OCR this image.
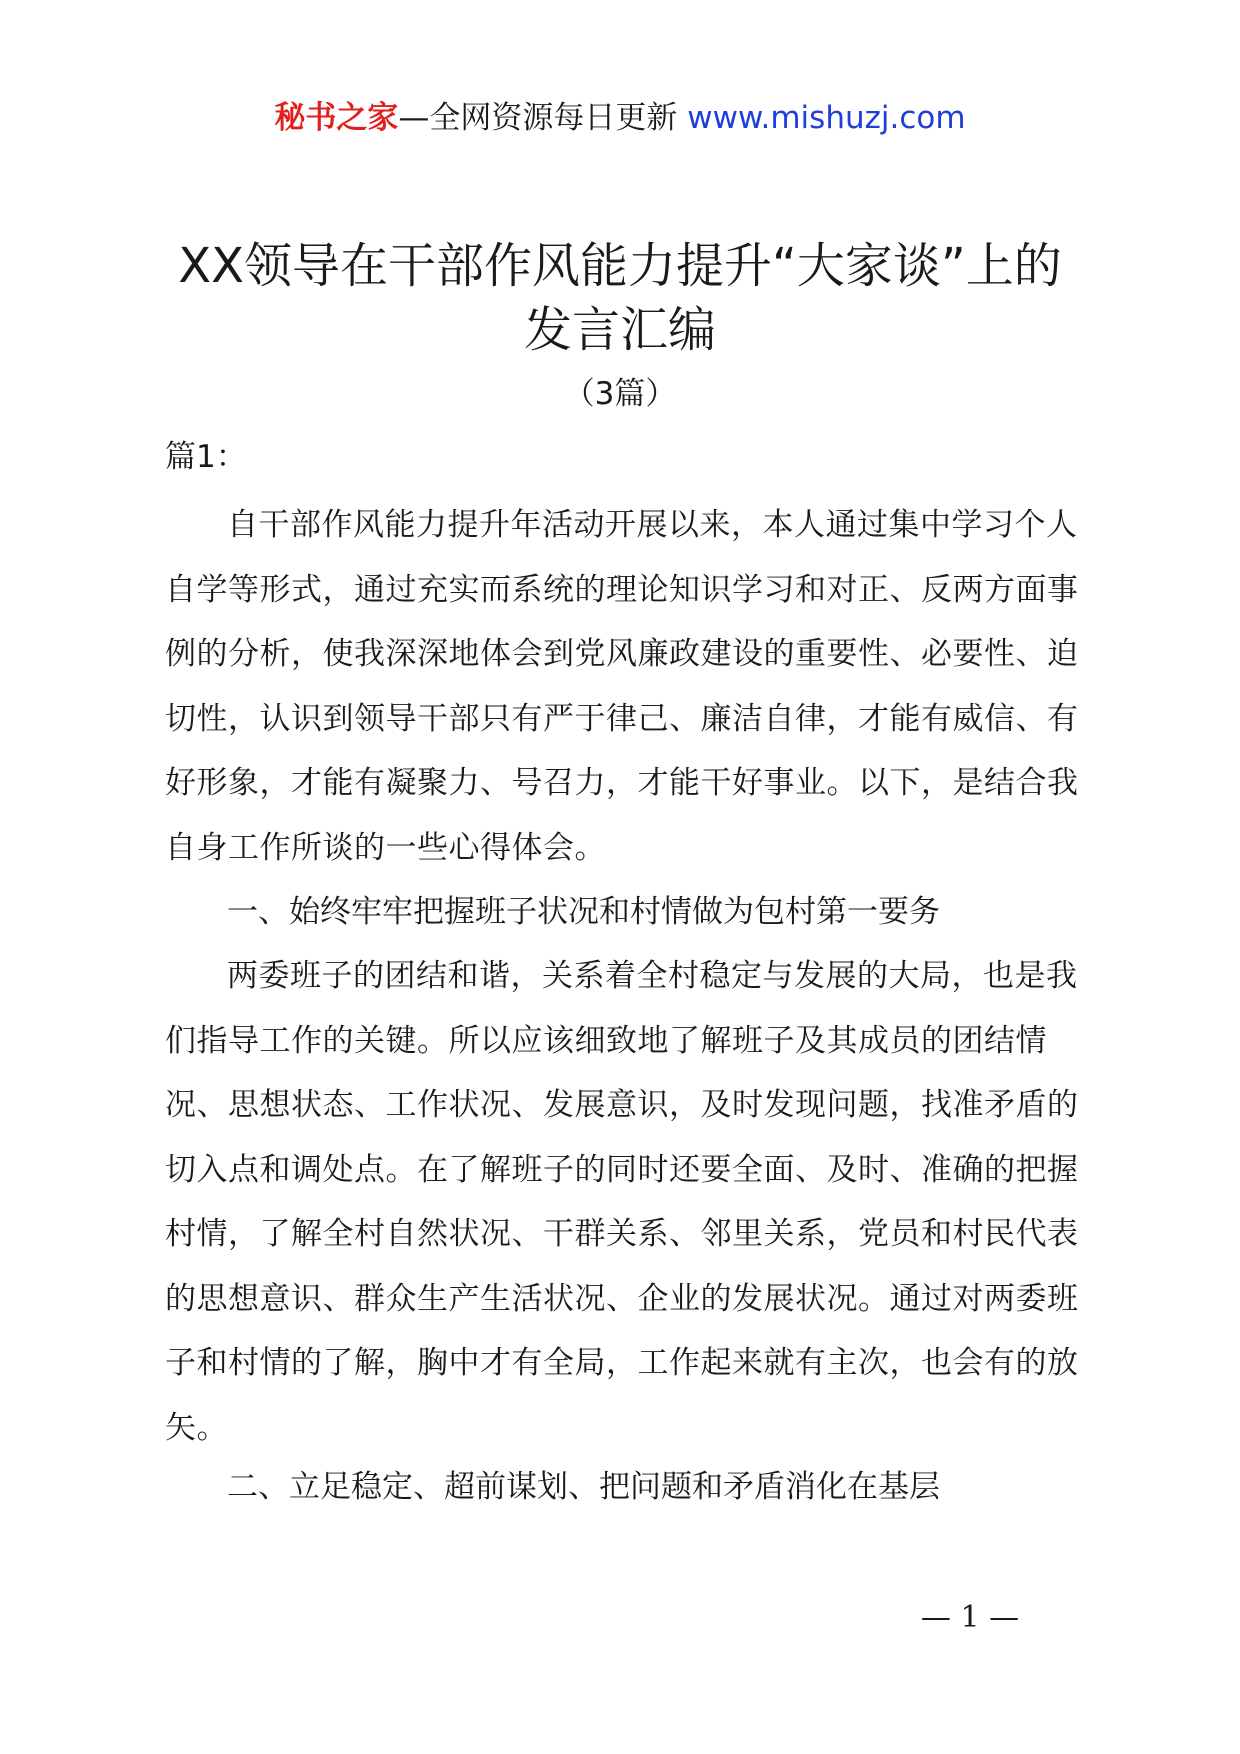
秘书之家—全网资源每日更新 www.mishuzj.com
XX领导在干部作风能力提升“大家谈”上的
发言汇编
（3篇）
篇1：

自干部作风能力提升年活动开展以来，本人通过集中学习个人自学等形式，通过充实而系统的理论知识学习和对正、反两方面事例的分析，使我深深地体会到党风廉政建设的重要性、必要性、迫切性，认识到领导干部只有严于律己、廉洁自律，才能有威信、有好形象，才能有凝聚力、号召力，才能干好事业。以下，是结合我自身工作所谈的一些心得体会。

一、始终牢牢把握班子状况和村情做为包村第一要务

两委班子的团结和谐，关系着全村稳定与发展的大局，也是我们指导工作的关键。所以应该细致地了解班子及其成员的团结情况、思想状态、工作状况、发展意识，及时发现问题，找准矛盾的切入点和调处点。在了解班子的同时还要全面、及时、准确的把握村情，了解全村自然状况、干群关系、邻里关系，党员和村民代表的思想意识、群众生产生活状况、企业的发展状况。通过对两委班子和村情的了解，胸中才有全局，工作起来就有主次，也会有的放矢。

二、立足稳定、超前谋划、把问题和矛盾消化在基层

— 1 —
